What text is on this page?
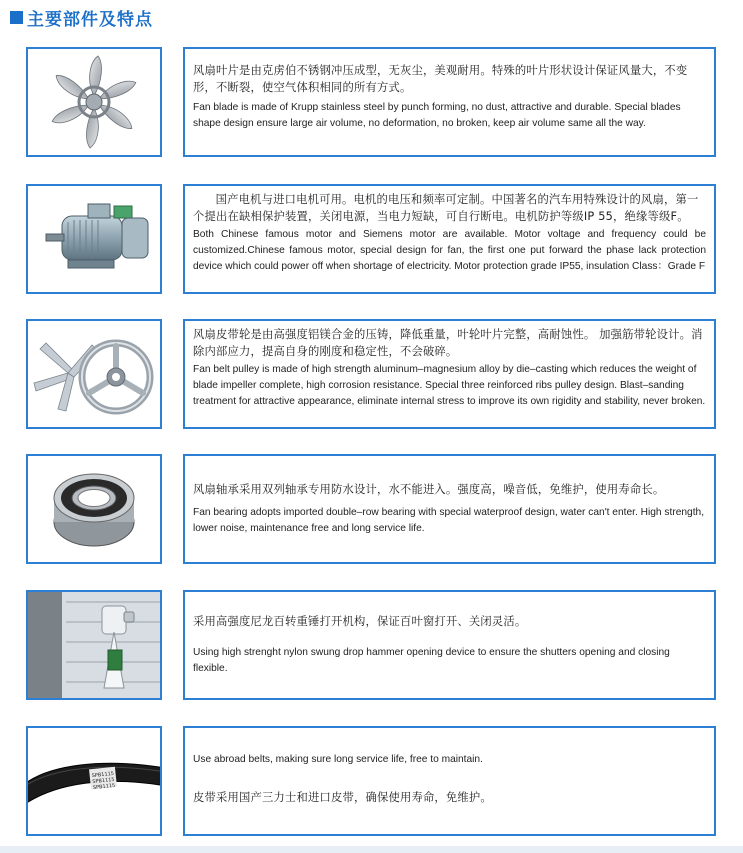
主要部件及特点

风扇叶片是由克虏伯不锈钢冲压成型，无灰尘，美观耐用。特殊的叶片形状设计保证风量大，不变形，不断裂，使空气体积相同的所有方式。

Fan blade is made of Krupp stainless steel by punch forming, no dust, attractive and durable. Special blades shape design ensure large air volume, no deformation, no broken, keep air volume same all the way.

国产电机与进口电机可用。电机的电压和频率可定制。中国著名的汽车用特殊设计的风扇，第一个提出在缺相保护装置，关闭电源，当电力短缺，可自行断电。电机防护等级IP 55，绝缘等级F。

Both Chinese famous motor and Siemens motor are available. Motor voltage and frequency could be customized.Chinese famous motor, special design for fan, the first one put forward the phase lack protection device which could power off when shortage of electricity. Motor protection grade IP55, insulation Class：Grade F

风扇皮带轮是由高强度铝镁合金的压铸，降低重量，叶轮叶片完整，高耐蚀性。 加强筋带轮设计。消除内部应力，提高自身的刚度和稳定性，不会破碎。

Fan belt pulley is made of high strength aluminum–magnesium alloy by die–casting which reduces the weight of blade impeller complete, high corrosion resistance. Special three reinforced ribs pulley design. Blast–sanding treatment for attractive appearance, eliminate internal stress to improve its own rigidity and stability, never broken.

风扇轴承采用双列轴承专用防水设计，水不能进入。强度高，噪音低，免维护，使用寿命长。

Fan bearing adopts imported double–row bearing with special waterproof design, water can't enter. High strength, lower noise, maintenance free and long service life.

采用高强度尼龙百转重锤打开机构，保证百叶窗打开、关闭灵活。

Using high strenght nylon swung drop hammer opening device to ensure the shutters opening and closing flexible.

SPB1115
SPB1115
SPB1115

Use abroad belts, making sure long service life, free to maintain.

皮带采用国产三力士和进口皮带，确保使用寿命，免维护。
